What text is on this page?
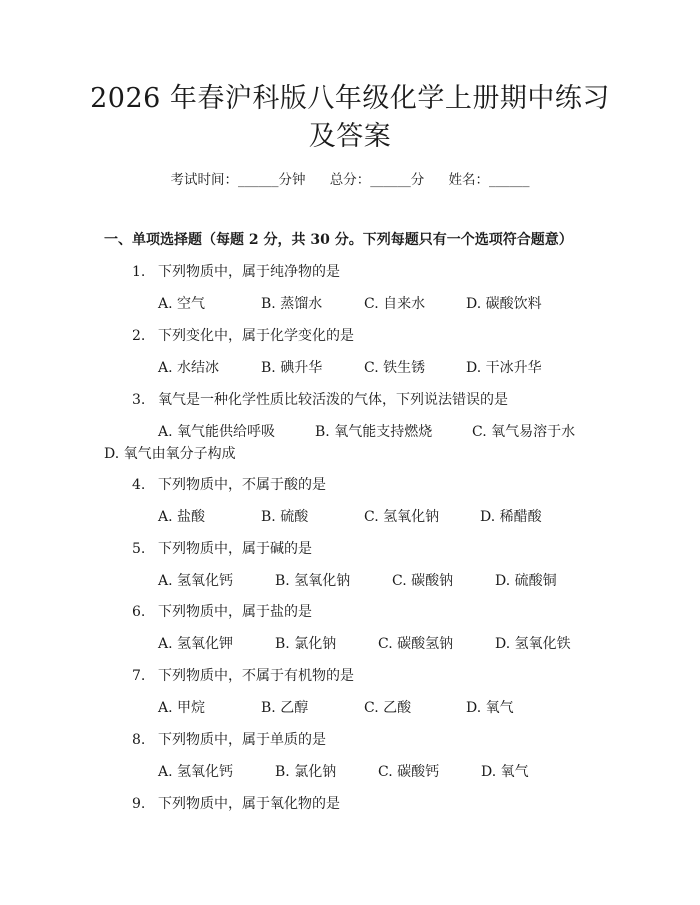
2026 年春沪科版八年级化学上册期中练习及答案
考试时间：______分钟 总分：______分 姓名：______
一、单项选择题（每题 2 分，共 30 分。下列每题只有一个选项符合题意）
1. 下列物质中，属于纯净物的是
A. 空气	B. 蒸馏水	C. 自来水	D. 碳酸饮料
2. 下列变化中，属于化学变化的是
A. 水结冰	B. 碘升华	C. 铁生锈	D. 干冰升华
3. 氧气是一种化学性质比较活泼的气体，下列说法错误的是
A. 氧气能供给呼吸	B. 氧气能支持燃烧	C. 氧气易溶于水
D. 氧气由氧分子构成
4. 下列物质中，不属于酸的是
A. 盐酸	B. 硫酸	C. 氢氧化钠	D. 稀醋酸
5. 下列物质中，属于碱的是
A. 氢氧化钙	B. 氢氧化钠	C. 碳酸钠	D. 硫酸铜
6. 下列物质中，属于盐的是
A. 氢氧化钾	B. 氯化钠	C. 碳酸氢钠	D. 氢氧化铁
7. 下列物质中，不属于有机物的是
A. 甲烷	B. 乙醇	C. 乙酸	D. 氧气
8. 下列物质中，属于单质的是
A. 氢氧化钙	B. 氯化钠	C. 碳酸钙	D. 氧气
9. 下列物质中，属于氧化物的是
